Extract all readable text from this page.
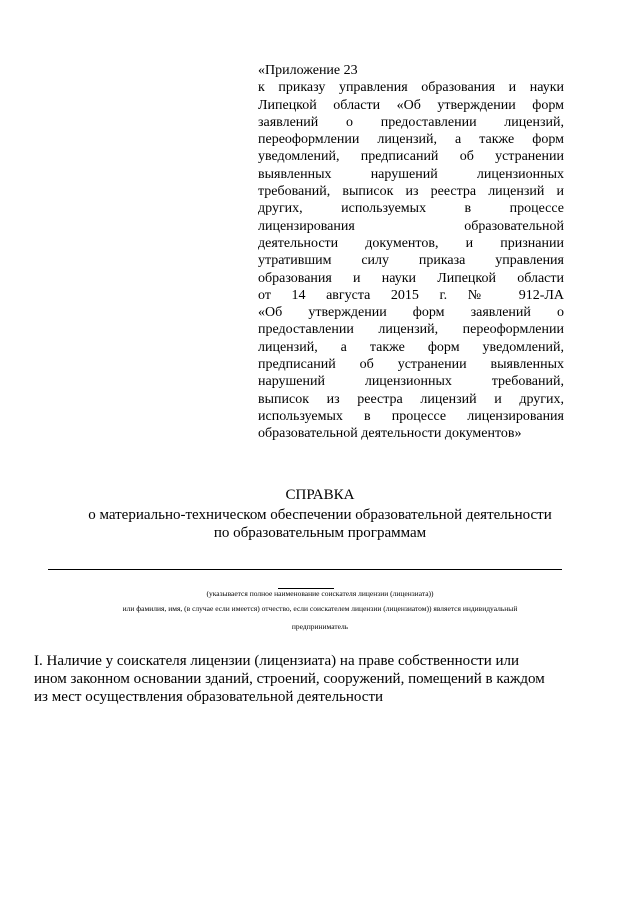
«Приложение 23
к приказу управления образования и науки
Липецкой области «Об утверждении форм
заявлений о предоставлении лицензий,
переоформлении лицензий, а также форм
уведомлений, предписаний об устранении
выявленных нарушений лицензионных
требований, выписок из реестра лицензий и
других, используемых в процессе
лицензирования образовательной
деятельности документов, и признании
утратившим силу приказа управления
образования и науки Липецкой области
от 14 августа 2015 г. № 912-ЛА
«Об утверждении форм заявлений о
предоставлении лицензий, переоформлении
лицензий, а также форм уведомлений,
предписаний об устранении выявленных
нарушений лицензионных требований,
выписок из реестра лицензий и других,
используемых в процессе лицензирования
образовательной деятельности документов»
СПРАВКА
о материально-техническом обеспечении образовательной деятельности
по образовательным программам
(указывается полное наименование соискателя лицензии (лицензиата))
или фамилия, имя, (в случае если имеется) отчество, если соискателем лицензии (лицензиатом)) является индивидуальный
предприниматель
I. Наличие у соискателя лицензии (лицензиата) на праве собственности или
ином законном основании зданий, строений, сооружений, помещений в каждом
из мест осуществления образовательной деятельности
